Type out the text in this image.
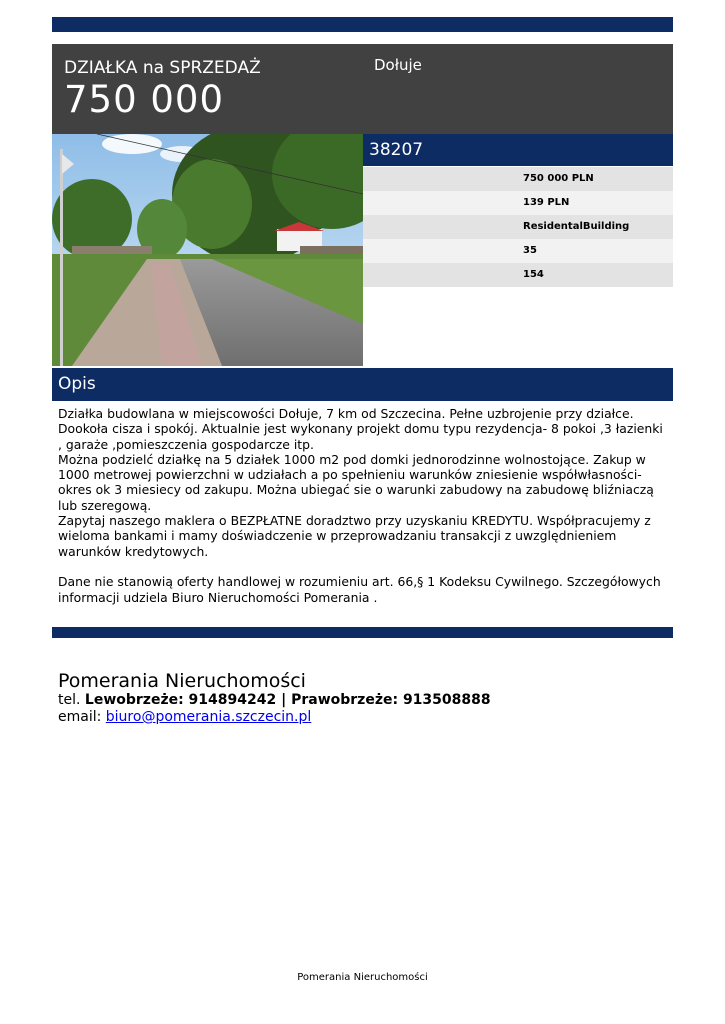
DZIAŁKA na SPRZEDAŻ
750 000
Dołuje
38207
750 000 PLN
139 PLN
ResidentalBuilding
35
154
Opis
Działka budowlana w miejscowości Dołuje, 7 km od Szczecina. Pełne uzbrojenie przy działce.
Dookoła cisza i spokój. Aktualnie jest wykonany projekt domu typu rezydencja- 8 pokoi ,3 łazienki , garaże ,pomieszczenia gospodarcze itp.
Można podzielć działkę na 5 działek 1000 m2 pod domki jednorodzinne wolnostojące. Zakup w 1000 metrowej powierzchni w udziałach a po spełnieniu warunków zniesienie współwłasności- okres ok 3 miesiecy od zakupu. Można ubiegać sie o warunki zabudowy na zabudowę bliźniaczą lub szeregową.
Zapytaj naszego maklera o BEZPŁATNE doradztwo przy uzyskaniu KREDYTU. Współpracujemy z wieloma bankami i mamy doświadczenie w przeprowadzaniu transakcji z uwzględnieniem warunków kredytowych.

Dane nie stanowią oferty handlowej w rozumieniu art. 66,§ 1 Kodeksu Cywilnego. Szczegółowych informacji udziela Biuro Nieruchomości Pomerania .
Pomerania Nieruchomości
tel. Lewobrzeże: 914894242 | Prawobrzeże: 913508888
email: biuro@pomerania.szczecin.pl
Pomerania Nieruchomości
